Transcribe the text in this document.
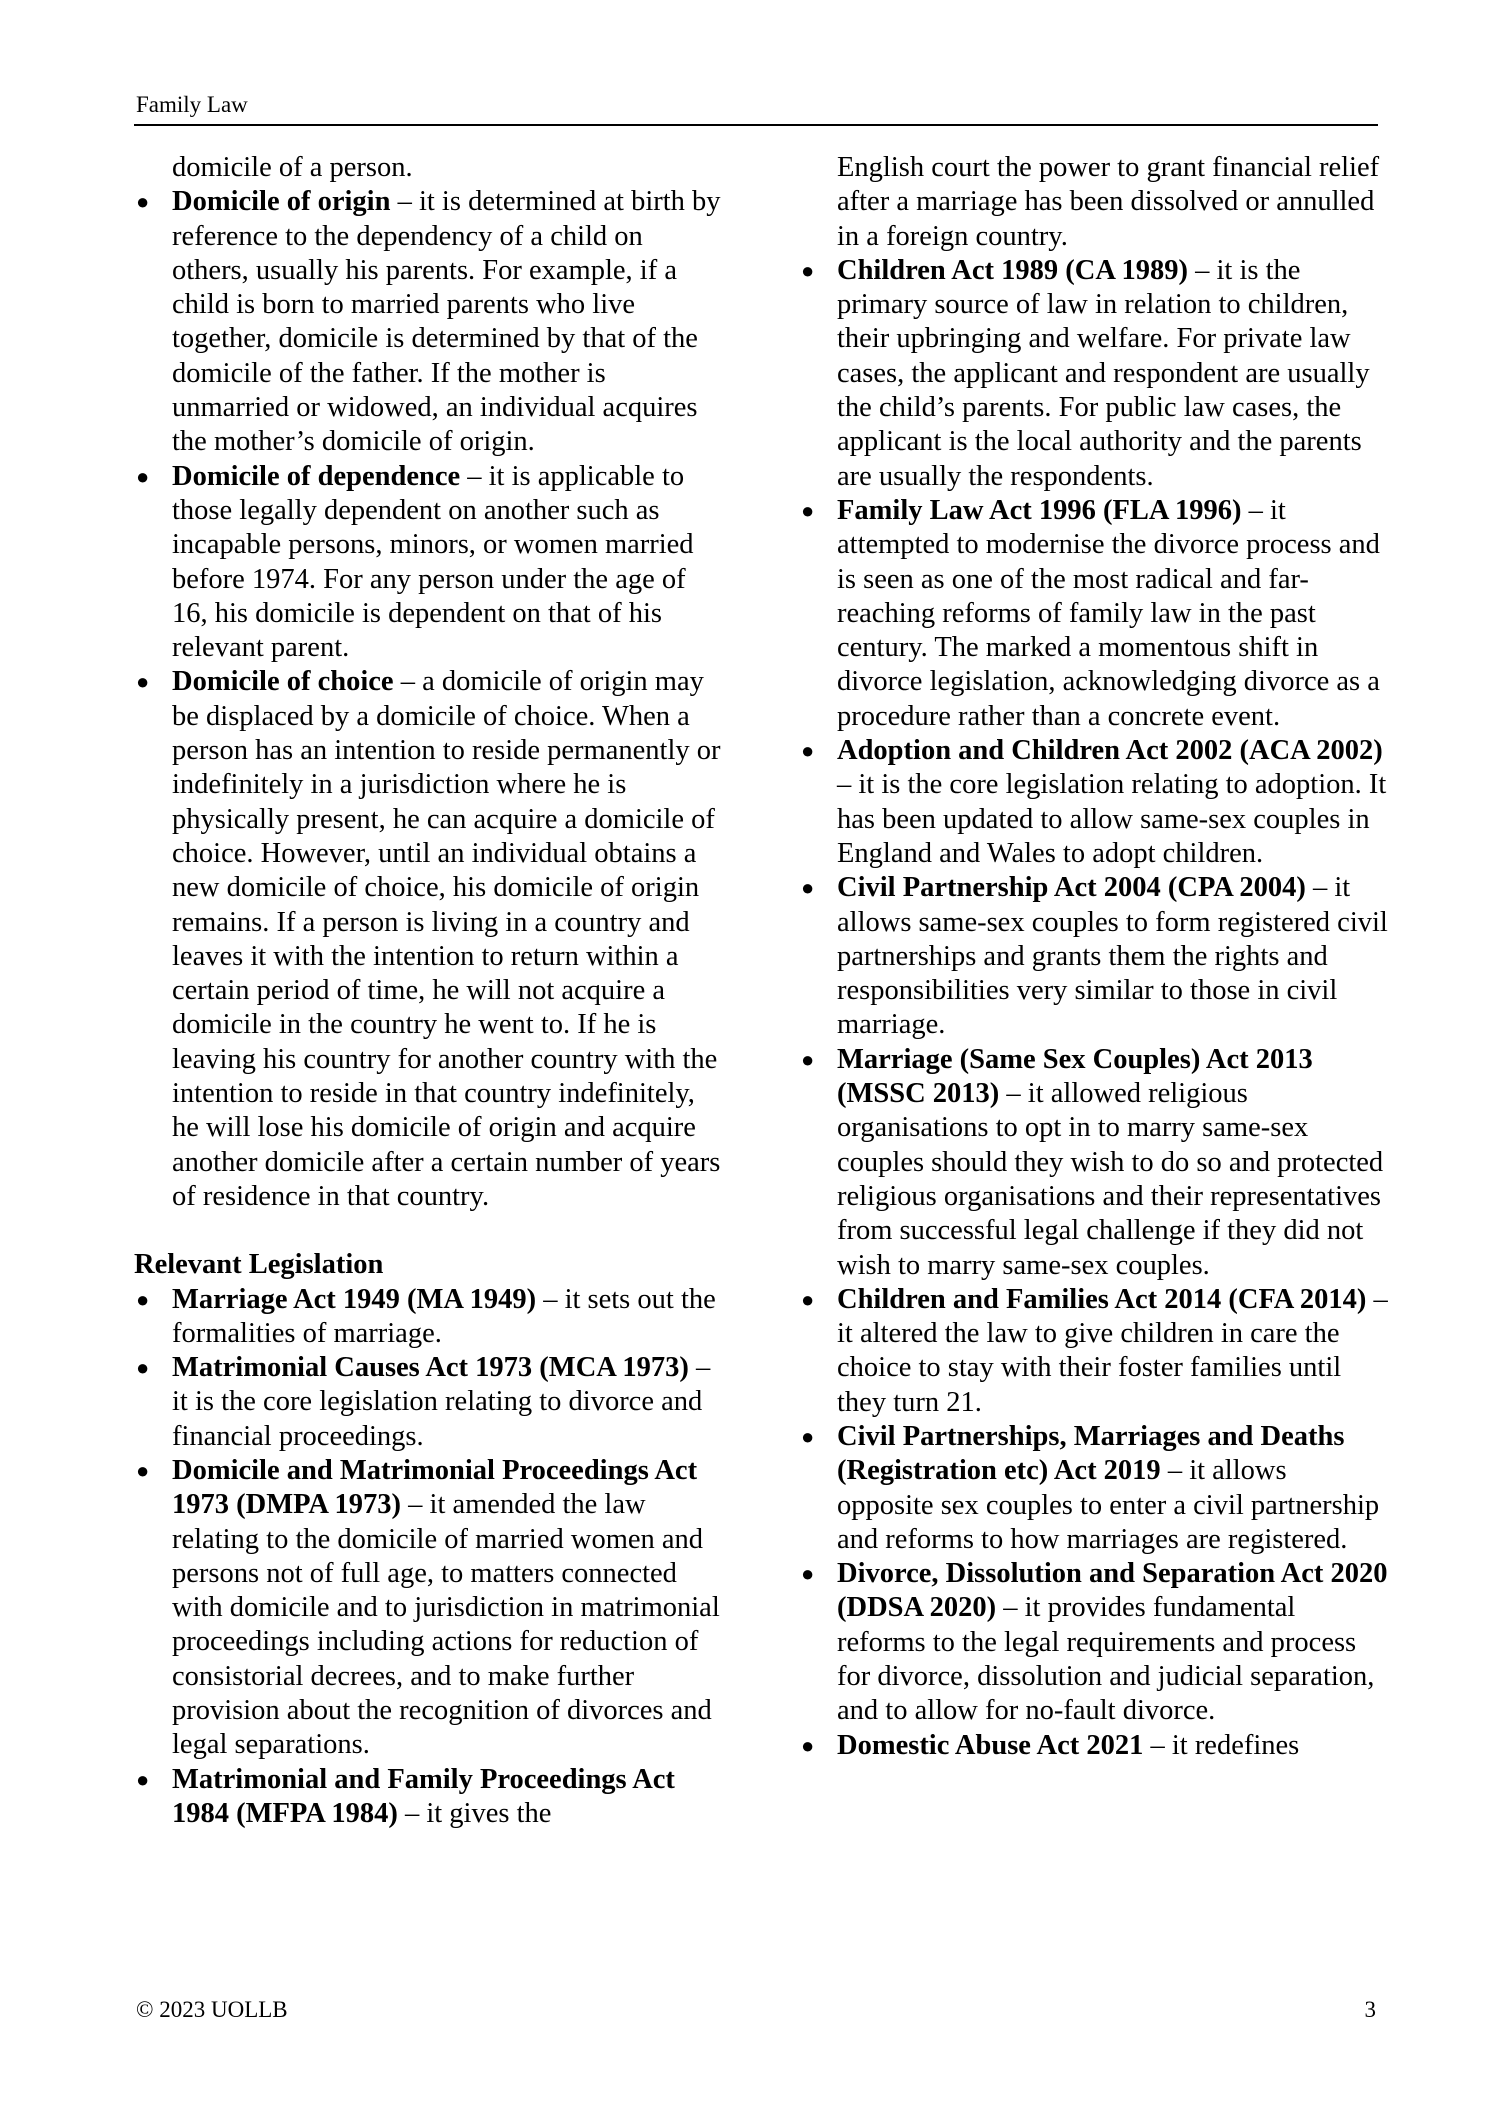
Family Law

domicile of a person.

● Domicile of origin – it is determined at birth by reference to the dependency of a child on others, usually his parents. For example, if a child is born to married parents who live together, domicile is determined by that of the domicile of the father. If the mother is unmarried or widowed, an individual acquires the mother’s domicile of origin.
● Domicile of dependence – it is applicable to those legally dependent on another such as incapable persons, minors, or women married before 1974. For any person under the age of 16, his domicile is dependent on that of his relevant parent.
● Domicile of choice – a domicile of origin may be displaced by a domicile of choice. When a person has an intention to reside permanently or indefinitely in a jurisdiction where he is physically present, he can acquire a domicile of choice. However, until an individual obtains a new domicile of choice, his domicile of origin remains. If a person is living in a country and leaves it with the intention to return within a certain period of time, he will not acquire a domicile in the country he went to. If he is leaving his country for another country with the intention to reside in that country indefinitely, he will lose his domicile of origin and acquire another domicile after a certain number of years of residence in that country.

Relevant Legislation

● Marriage Act 1949 (MA 1949) – it sets out the formalities of marriage.
● Matrimonial Causes Act 1973 (MCA 1973) – it is the core legislation relating to divorce and financial proceedings.
● Domicile and Matrimonial Proceedings Act 1973 (DMPA 1973) – it amended the law relating to the domicile of married women and persons not of full age, to matters connected with domicile and to jurisdiction in matrimonial proceedings including actions for reduction of consistorial decrees, and to make further provision about the recognition of divorces and legal separations.
● Matrimonial and Family Proceedings Act 1984 (MFPA 1984) – it gives the

English court the power to grant financial relief after a marriage has been dissolved or annulled in a foreign country.

● Children Act 1989 (CA 1989) – it is the primary source of law in relation to children, their upbringing and welfare. For private law cases, the applicant and respondent are usually the child’s parents. For public law cases, the applicant is the local authority and the parents are usually the respondents.
● Family Law Act 1996 (FLA 1996) – it attempted to modernise the divorce process and is seen as one of the most radical and far-reaching reforms of family law in the past century. The marked a momentous shift in divorce legislation, acknowledging divorce as a procedure rather than a concrete event.
● Adoption and Children Act 2002 (ACA 2002) – it is the core legislation relating to adoption. It has been updated to allow same-sex couples in England and Wales to adopt children.
● Civil Partnership Act 2004 (CPA 2004) – it allows same-sex couples to form registered civil partnerships and grants them the rights and responsibilities very similar to those in civil marriage.
● Marriage (Same Sex Couples) Act 2013 (MSSC 2013) – it allowed religious organisations to opt in to marry same-sex couples should they wish to do so and protected religious organisations and their representatives from successful legal challenge if they did not wish to marry same-sex couples.
● Children and Families Act 2014 (CFA 2014) – it altered the law to give children in care the choice to stay with their foster families until they turn 21.
● Civil Partnerships, Marriages and Deaths (Registration etc) Act 2019 – it allows opposite sex couples to enter a civil partnership and reforms to how marriages are registered.
● Divorce, Dissolution and Separation Act 2020 (DDSA 2020) – it provides fundamental reforms to the legal requirements and process for divorce, dissolution and judicial separation, and to allow for no-fault divorce.
● Domestic Abuse Act 2021 – it redefines
© 2023 UOLLB	3
